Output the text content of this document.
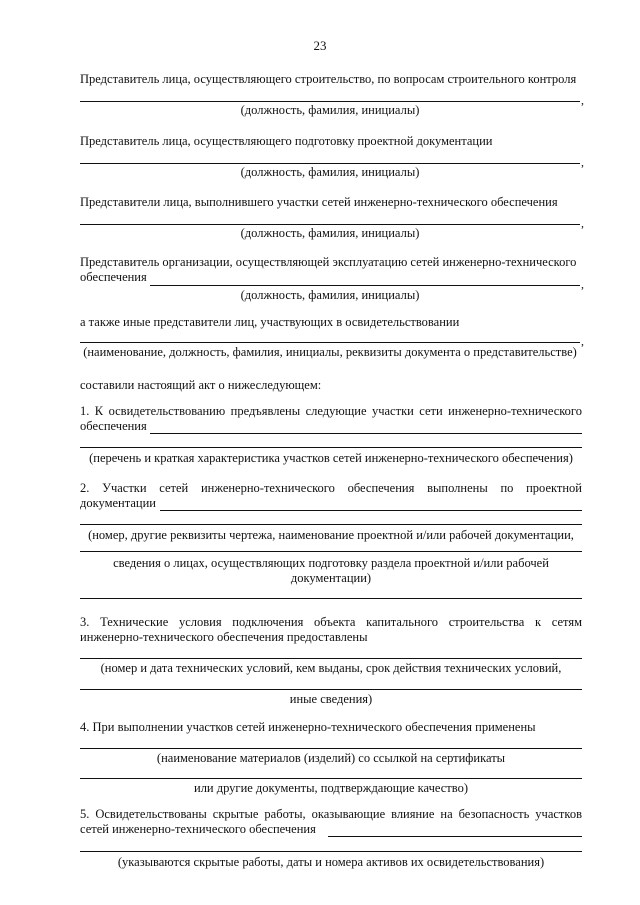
23
Представитель лица, осуществляющего строительство, по вопросам строительного контроля
,
(должность, фамилия, инициалы)
Представитель лица, осуществляющего подготовку проектной документации
,
(должность, фамилия, инициалы)
Представители лица, выполнившего участки сетей инженерно-технического обеспечения
,
(должность, фамилия, инициалы)
Представитель организации, осуществляющей эксплуатацию сетей инженерно-технического
обеспечения	,
(должность, фамилия, инициалы)
а также иные представители лиц, участвующих в освидетельствовании
,
(наименование, должность, фамилия, инициалы, реквизиты документа о представительстве)
составили настоящий акт о нижеследующем:
1. К освидетельствованию предъявлены следующие участки сети инженерно-технического
обеспечения
(перечень и краткая характеристика участков сетей инженерно-технического обеспечения)
2. Участки сетей инженерно-технического обеспечения выполнены по проектной
документации
(номер, другие реквизиты чертежа, наименование проектной и/или рабочей документации,
сведения о лицах, осуществляющих подготовку раздела проектной и/или рабочей
документации)
3. Технические условия подключения объекта капитального строительства к сетям
инженерно-технического обеспечения предоставлены
(номер и дата технических условий, кем выданы, срок действия технических условий,
иные сведения)
4. При выполнении участков сетей инженерно-технического обеспечения применены
(наименование материалов (изделий) со ссылкой на сертификаты
или другие документы, подтверждающие качество)
5. Освидетельствованы скрытые работы, оказывающие влияние на безопасность участков
сетей инженерно-технического обеспечения
(указываются скрытые работы, даты и номера активов их освидетельствования)
